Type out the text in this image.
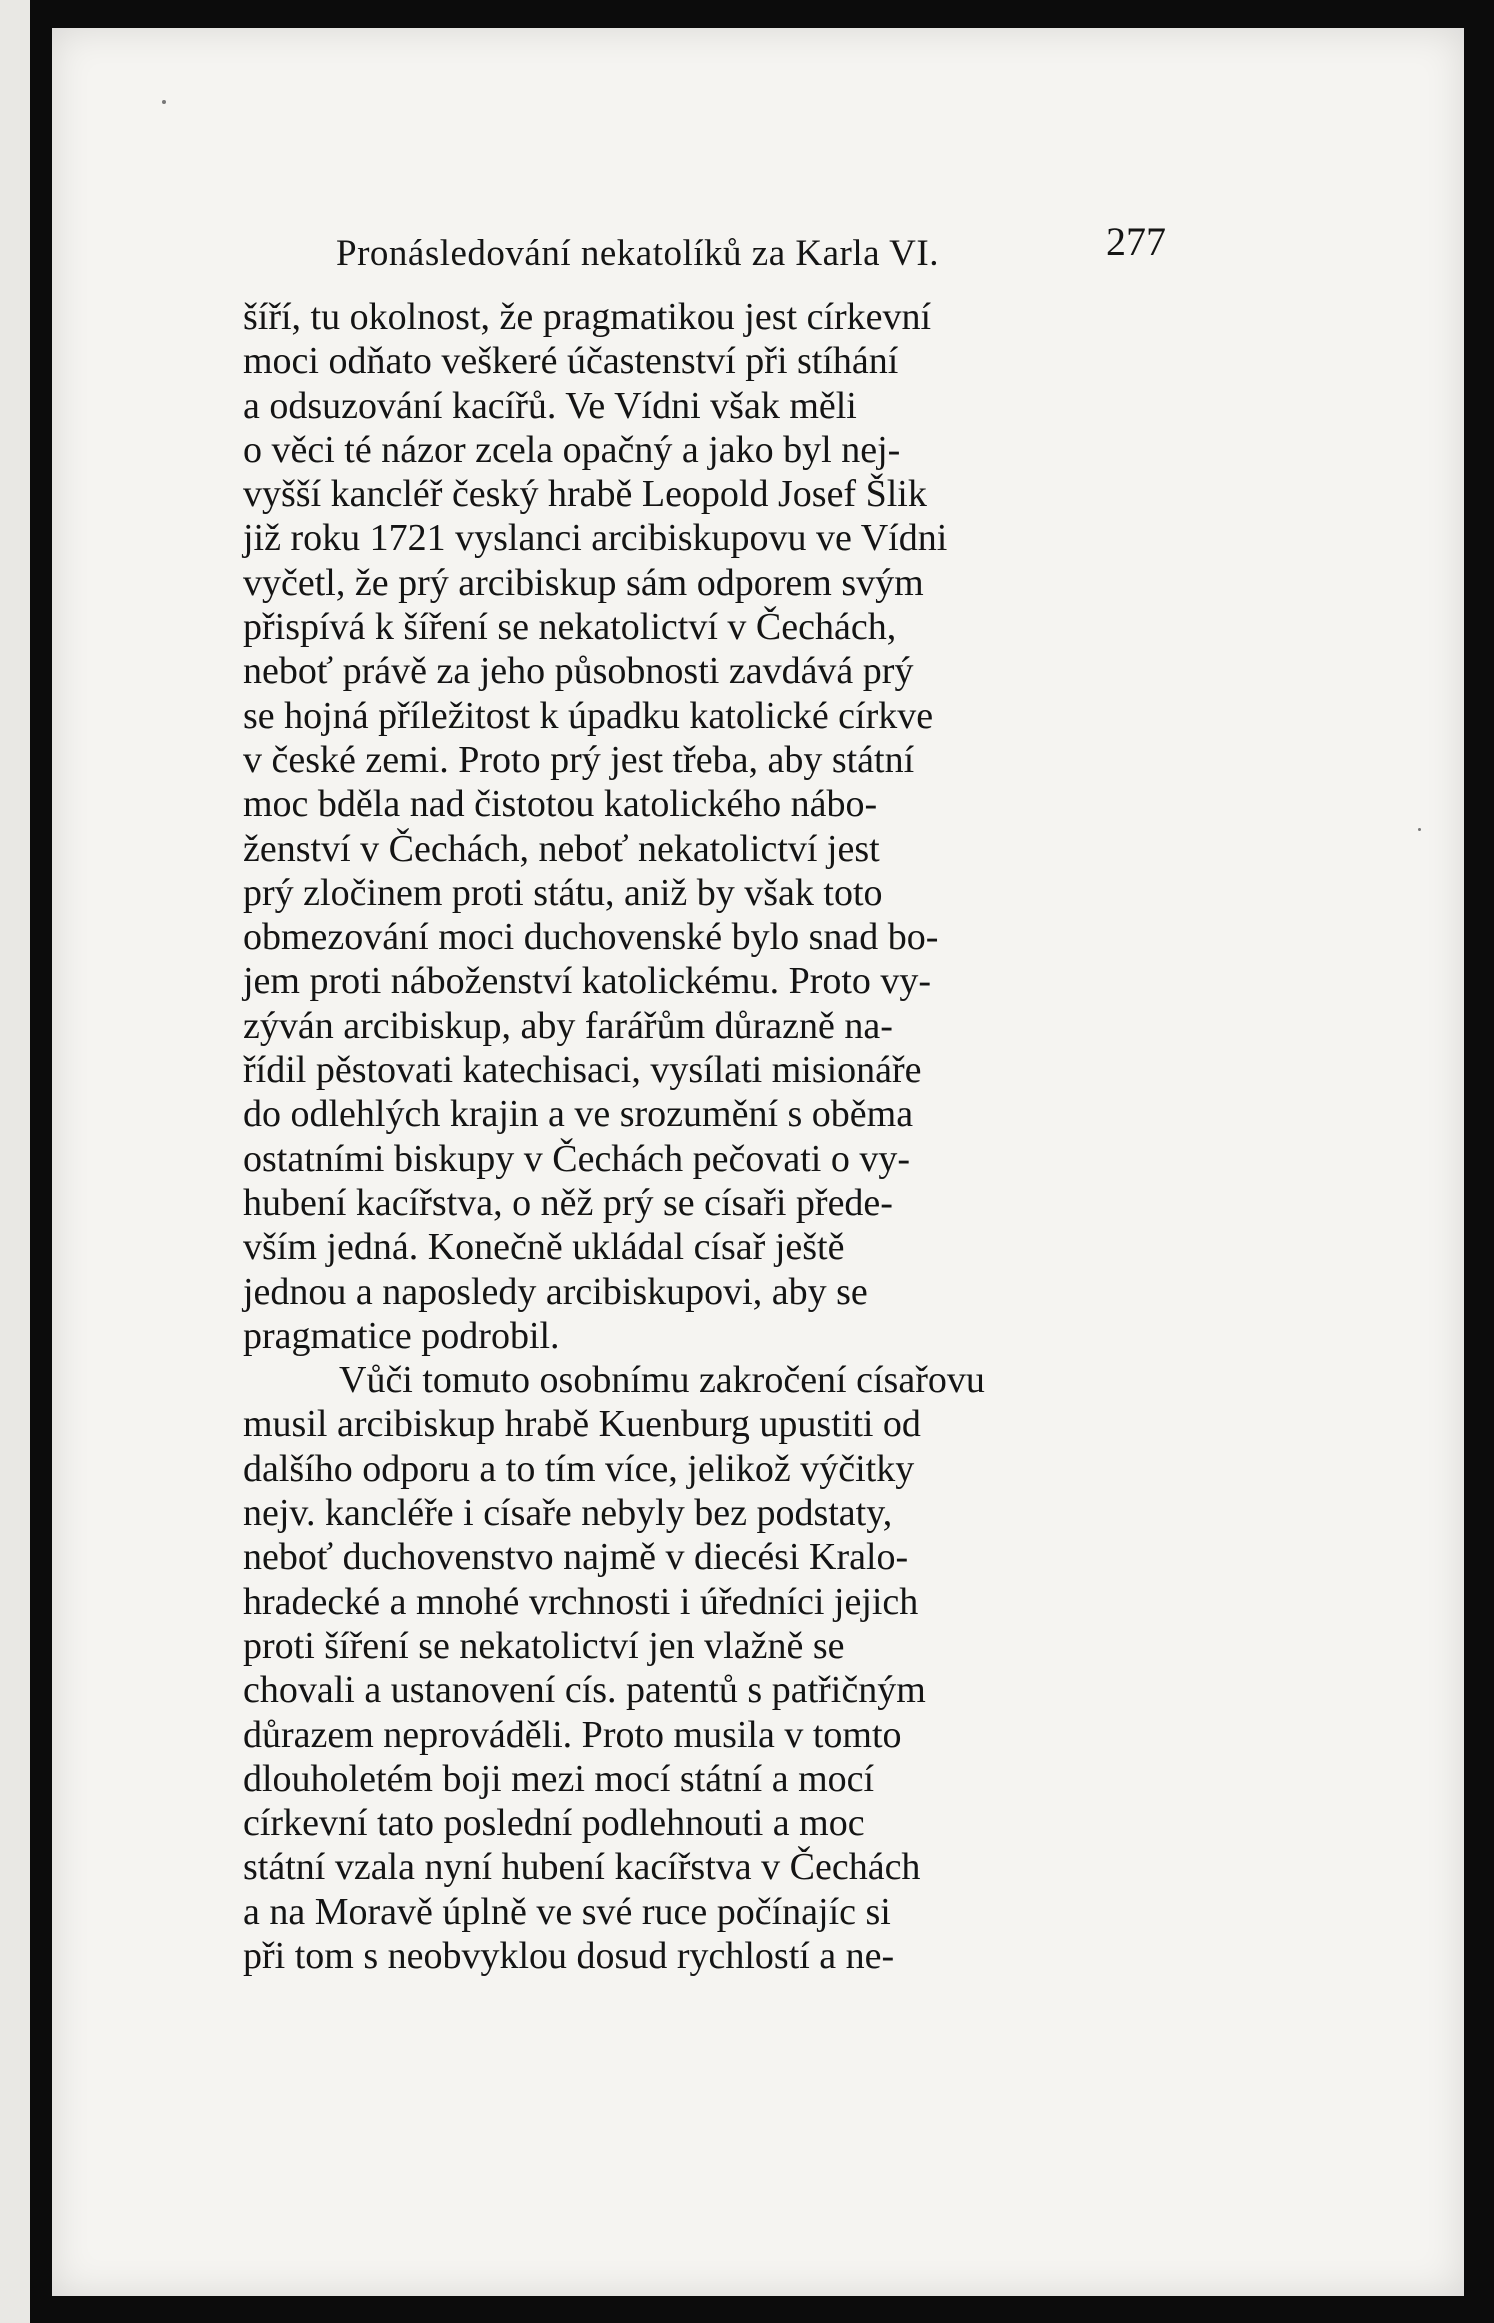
Pronásledování nekatolíků za Karla VI.	277
šíří, tu okolnost, že pragmatikou jest církevní
moci odňato veškeré účastenství při stíhání
a odsuzování kacířů. Ve Vídni však měli
o věci té názor zcela opačný a jako byl nej-
vyšší kancléř český hrabě Leopold Josef Šlik
již roku 1721 vyslanci arcibiskupovu ve Vídni
vyčetl, že prý arcibiskup sám odporem svým
přispívá k šíření se nekatolictví v Čechách,
neboť právě za jeho působnosti zavdává prý
se hojná příležitost k úpadku katolické církve
v české zemi. Proto prý jest třeba, aby státní
moc bděla nad čistotou katolického nábo-
ženství v Čechách, neboť nekatolictví jest
prý zločinem proti státu, aniž by však toto
obmezování moci duchovenské bylo snad bo-
jem proti náboženství katolickému. Proto vy-
zýván arcibiskup, aby farářům důrazně na-
řídil pěstovati katechisaci, vysílati misionáře
do odlehlých krajin a ve srozumění s oběma
ostatními biskupy v Čechách pečovati o vy-
hubení kacířstva, o něž prý se císaři přede-
vším jedná. Konečně ukládal císař ještě
jednou a naposledy arcibiskupovi, aby se
pragmatice podrobil.
Vůči tomuto osobnímu zakročení císařovu
musil arcibiskup hrabě Kuenburg upustiti od
dalšího odporu a to tím více, jelikož výčitky
nejv. kancléře i císaře nebyly bez podstaty,
neboť duchovenstvo najmě v diecési Kralo-
hradecké a mnohé vrchnosti i úředníci jejich
proti šíření se nekatolictví jen vlažně se
chovali a ustanovení cís. patentů s patřičným
důrazem neprováděli. Proto musila v tomto
dlouholetém boji mezi mocí státní a mocí
církevní tato poslední podlehnouti a moc
státní vzala nyní hubení kacířstva v Čechách
a na Moravě úplně ve své ruce počínajíc si
při tom s neobvyklou dosud rychlostí a ne-
